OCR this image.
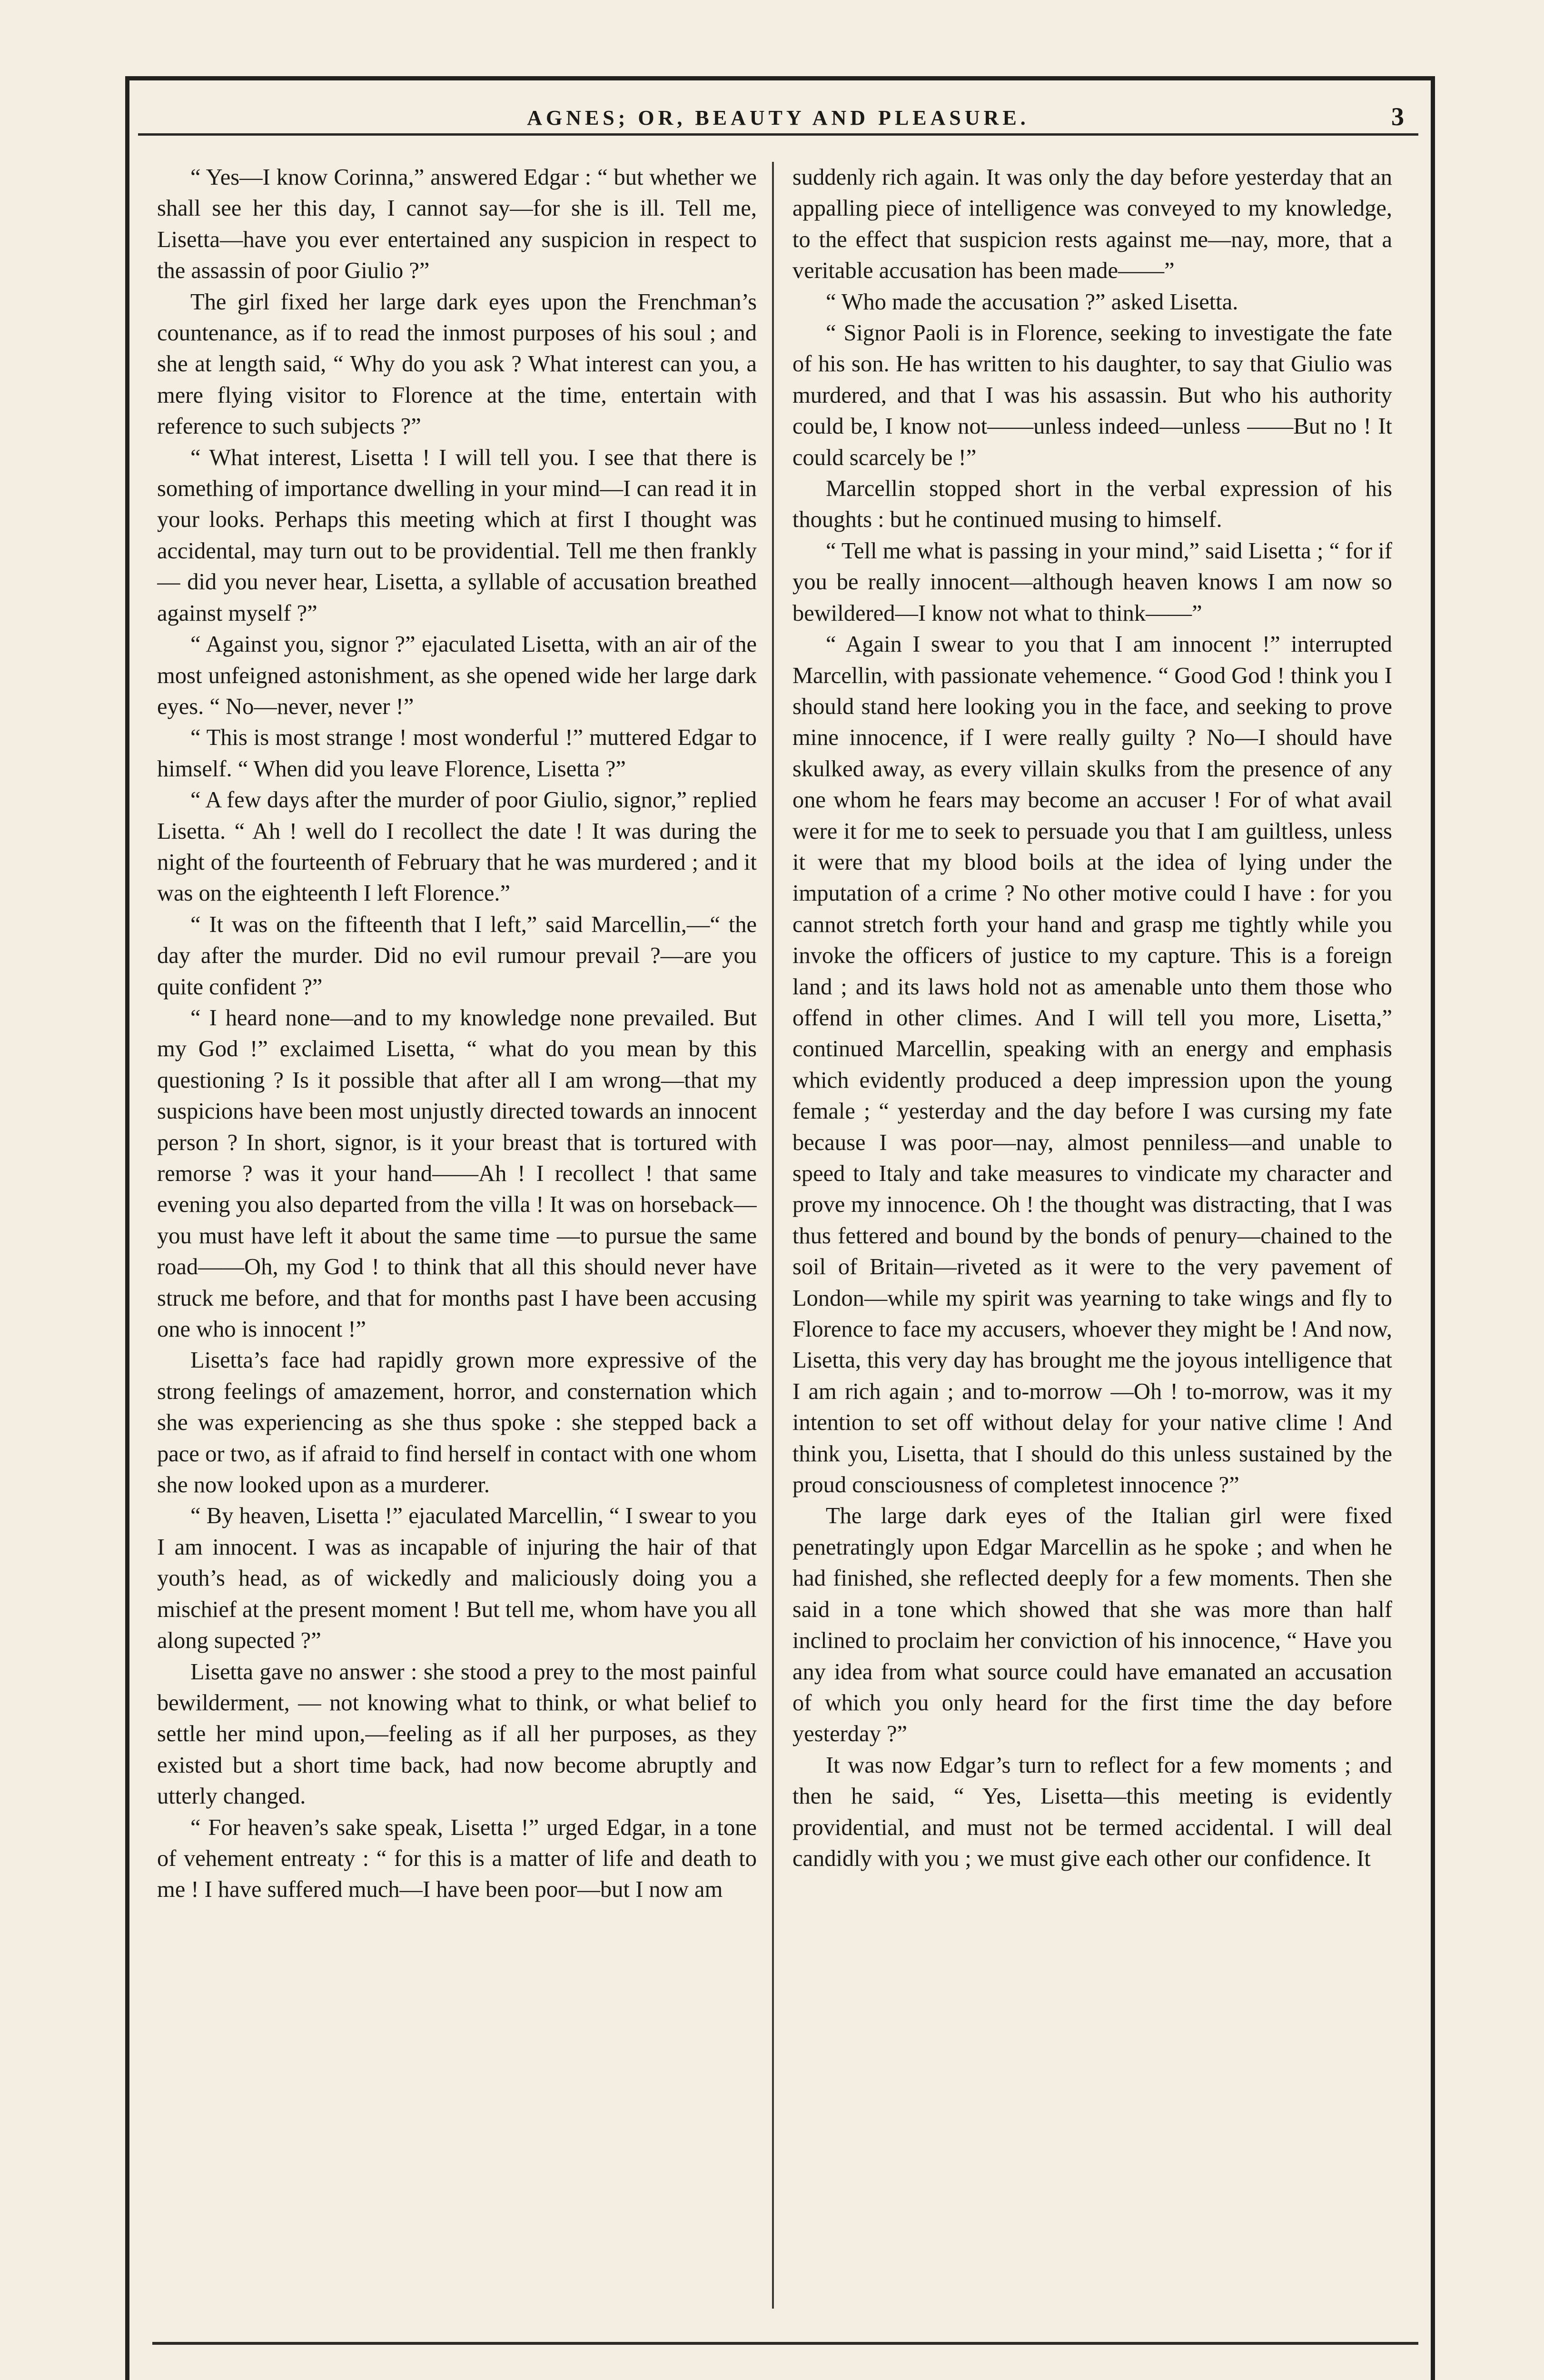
AGNES; OR, BEAUTY AND PLEASURE.	3

“ Yes—I know Corinna,” answered Edgar : “ but whether we shall see her this day, I cannot say—for she is ill. Tell me, Lisetta—have you ever entertained any suspicion in respect to the assassin of poor Giulio ?”

The girl fixed her large dark eyes upon the Frenchman’s countenance, as if to read the inmost purposes of his soul ; and she at length said, “ Why do you ask ? What interest can you, a mere flying visitor to Florence at the time, entertain with reference to such subjects ?”

“ What interest, Lisetta ! I will tell you. I see that there is something of importance dwelling in your mind—I can read it in your looks. Perhaps this meeting which at first I thought was accidental, may turn out to be providential. Tell me then frankly — did you never hear, Lisetta, a syllable of accusation breathed against myself ?”

“ Against you, signor ?” ejaculated Lisetta, with an air of the most unfeigned astonishment, as she opened wide her large dark eyes. “ No—never, never !”

“ This is most strange ! most wonderful !” muttered Edgar to himself. “ When did you leave Florence, Lisetta ?”

“ A few days after the murder of poor Giulio, signor,” replied Lisetta. “ Ah ! well do I recollect the date ! It was during the night of the fourteenth of February that he was murdered ; and it was on the eighteenth I left Florence.”

“ It was on the fifteenth that I left,” said Marcellin,—“ the day after the murder. Did no evil rumour prevail ?—are you quite confident ?”

“ I heard none—and to my knowledge none prevailed. But my God !” exclaimed Lisetta, “ what do you mean by this questioning ? Is it possible that after all I am wrong—that my suspicions have been most unjustly directed towards an innocent person ? In short, signor, is it your breast that is tortured with remorse ? was it your hand——Ah ! I recollect ! that same evening you also departed from the villa ! It was on horseback—you must have left it about the same time —to pursue the same road——Oh, my God ! to think that all this should never have struck me before, and that for months past I have been accusing one who is innocent !”

Lisetta’s face had rapidly grown more expressive of the strong feelings of amazement, horror, and consternation which she was experiencing as she thus spoke : she stepped back a pace or two, as if afraid to find herself in contact with one whom she now looked upon as a murderer.

“ By heaven, Lisetta !” ejaculated Marcellin, “ I swear to you I am innocent. I was as incapable of injuring the hair of that youth’s head, as of wickedly and maliciously doing you a mischief at the present moment ! But tell me, whom have you all along supected ?”

Lisetta gave no answer : she stood a prey to the most painful bewilderment, — not knowing what to think, or what belief to settle her mind upon,—feeling as if all her purposes, as they existed but a short time back, had now become abruptly and utterly changed.

“ For heaven’s sake speak, Lisetta !” urged Edgar, in a tone of vehement entreaty : “ for this is a matter of life and death to me ! I have suffered much—I have been poor—but I now am

suddenly rich again. It was only the day before yesterday that an appalling piece of intelligence was conveyed to my knowledge, to the effect that suspicion rests against me—nay, more, that a veritable accusation has been made——”

“ Who made the accusation ?” asked Lisetta.

“ Signor Paoli is in Florence, seeking to investigate the fate of his son. He has written to his daughter, to say that Giulio was murdered, and that I was his assassin. But who his authority could be, I know not——unless indeed—unless ——But no ! It could scarcely be !”

Marcellin stopped short in the verbal expression of his thoughts : but he continued musing to himself.

“ Tell me what is passing in your mind,” said Lisetta ; “ for if you be really innocent—although heaven knows I am now so bewildered—I know not what to think——”

“ Again I swear to you that I am innocent !” interrupted Marcellin, with passionate vehemence. “ Good God ! think you I should stand here looking you in the face, and seeking to prove mine innocence, if I were really guilty ? No—I should have skulked away, as every villain skulks from the presence of any one whom he fears may become an accuser ! For of what avail were it for me to seek to persuade you that I am guiltless, unless it were that my blood boils at the idea of lying under the imputation of a crime ? No other motive could I have : for you cannot stretch forth your hand and grasp me tightly while you invoke the officers of justice to my capture. This is a foreign land ; and its laws hold not as amenable unto them those who offend in other climes. And I will tell you more, Lisetta,” continued Marcellin, speaking with an energy and emphasis which evidently produced a deep impression upon the young female ; “ yesterday and the day before I was cursing my fate because I was poor—nay, almost penniless—and unable to speed to Italy and take measures to vindicate my character and prove my innocence. Oh ! the thought was distracting, that I was thus fettered and bound by the bonds of penury—chained to the soil of Britain—riveted as it were to the very pavement of London—while my spirit was yearning to take wings and fly to Florence to face my accusers, whoever they might be ! And now, Lisetta, this very day has brought me the joyous intelligence that I am rich again ; and to-morrow —Oh ! to-morrow, was it my intention to set off without delay for your native clime ! And think you, Lisetta, that I should do this unless sustained by the proud consciousness of completest innocence ?”

The large dark eyes of the Italian girl were fixed penetratingly upon Edgar Marcellin as he spoke ; and when he had finished, she reflected deeply for a few moments. Then she said in a tone which showed that she was more than half inclined to proclaim her conviction of his innocence, “ Have you any idea from what source could have emanated an accusation of which you only heard for the first time the day before yesterday ?”

It was now Edgar’s turn to reflect for a few moments ; and then he said, “ Yes, Lisetta—this meeting is evidently providential, and must not be termed accidental. I will deal candidly with you ; we must give each other our confidence. It
